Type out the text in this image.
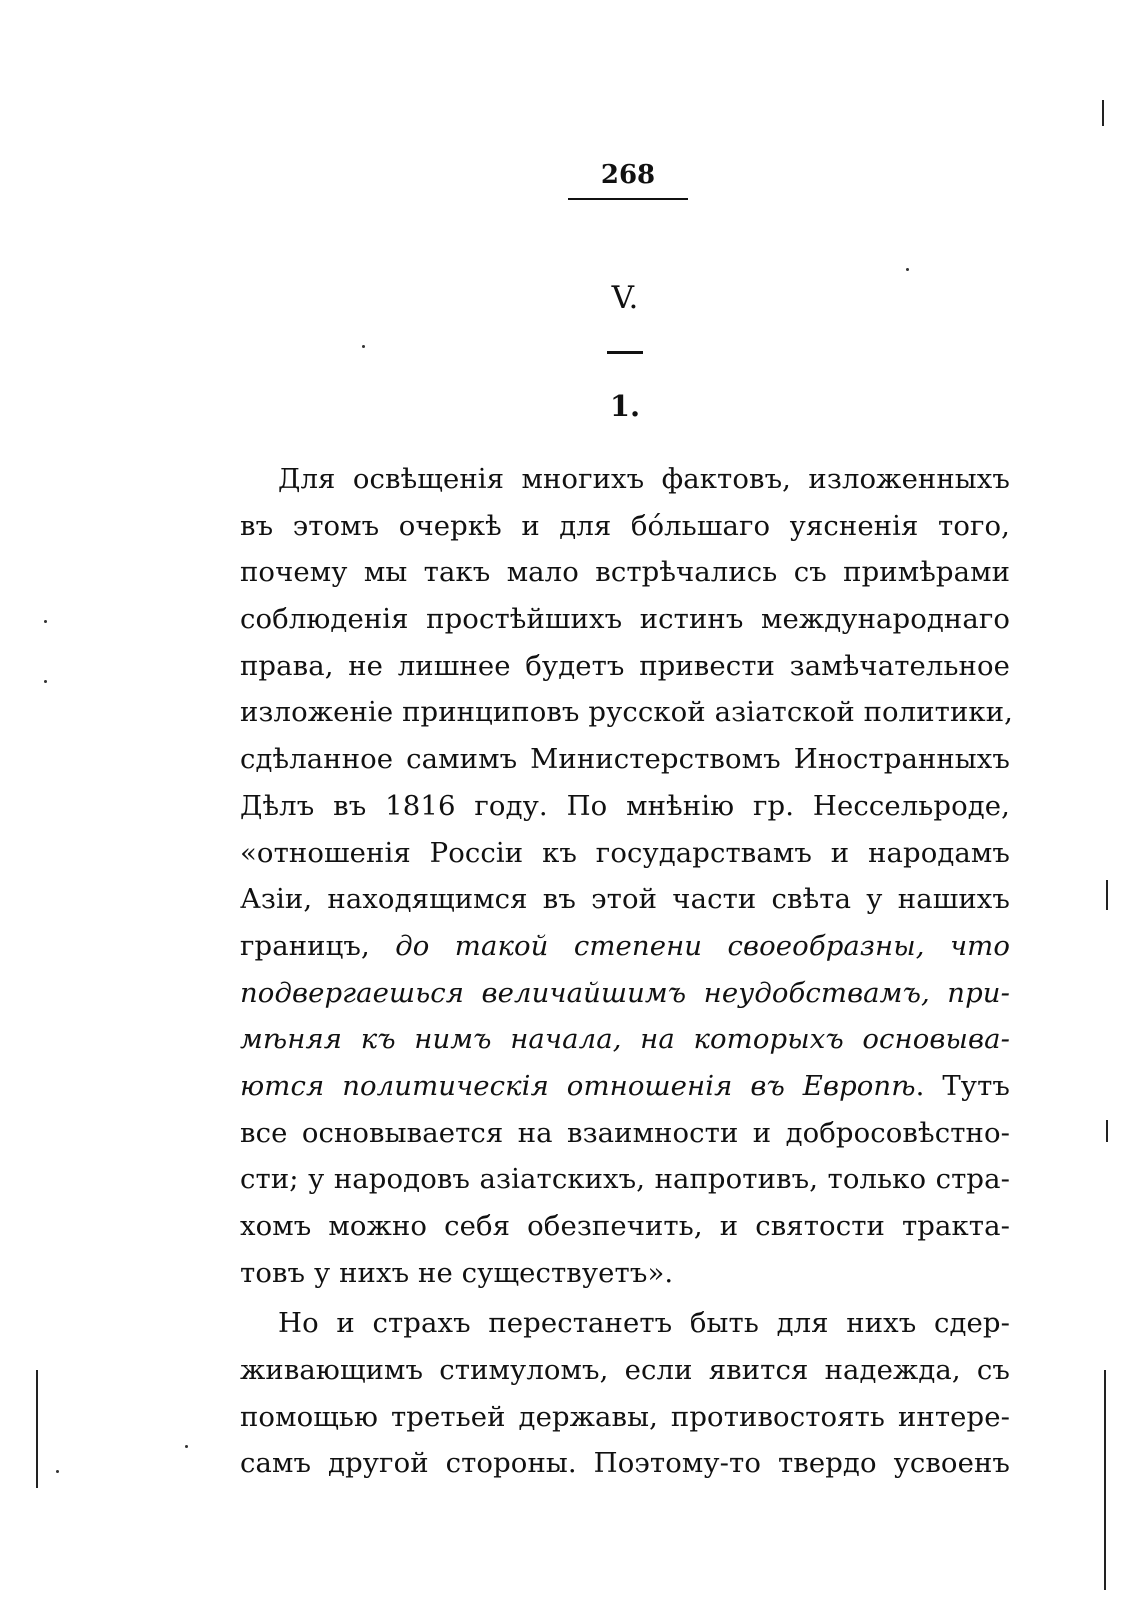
268
V.
1.
Для освѣщенія многихъ фактовъ, изложенныхъ
въ этомъ очеркѣ и для бо́льшаго уясненія того,
почему мы такъ мало встрѣчались съ примѣрами
соблюденія простѣйшихъ истинъ международнаго
права, не лишнее будетъ привести замѣчательное
изложеніе принциповъ русской азіатской политики,
сдѣланное самимъ Министерствомъ Иностранныхъ
Дѣлъ въ 1816 году. По мнѣнію гр. Нессельроде,
«отношенія Россіи къ государствамъ и народамъ
Азіи, находящимся въ этой части свѣта у нашихъ
границъ, до такой степени своеобразны, что
подвергаешься величайшимъ неудобствамъ, при-
мѣняя къ нимъ начала, на которыхъ основыва-
ются политическія отношенія въ Европѣ. Тутъ
все основывается на взаимности и добросовѣстно-
сти; у народовъ азіатскихъ, напротивъ, только стра-
хомъ можно себя обезпечить, и святости тракта-
товъ у нихъ не существуетъ».
Но и страхъ перестанетъ быть для нихъ сдер-
живающимъ стимуломъ, если явится надежда, съ
помощью третьей державы, противостоять интере-
самъ другой стороны. Поэтому-то твердо усвоенъ
